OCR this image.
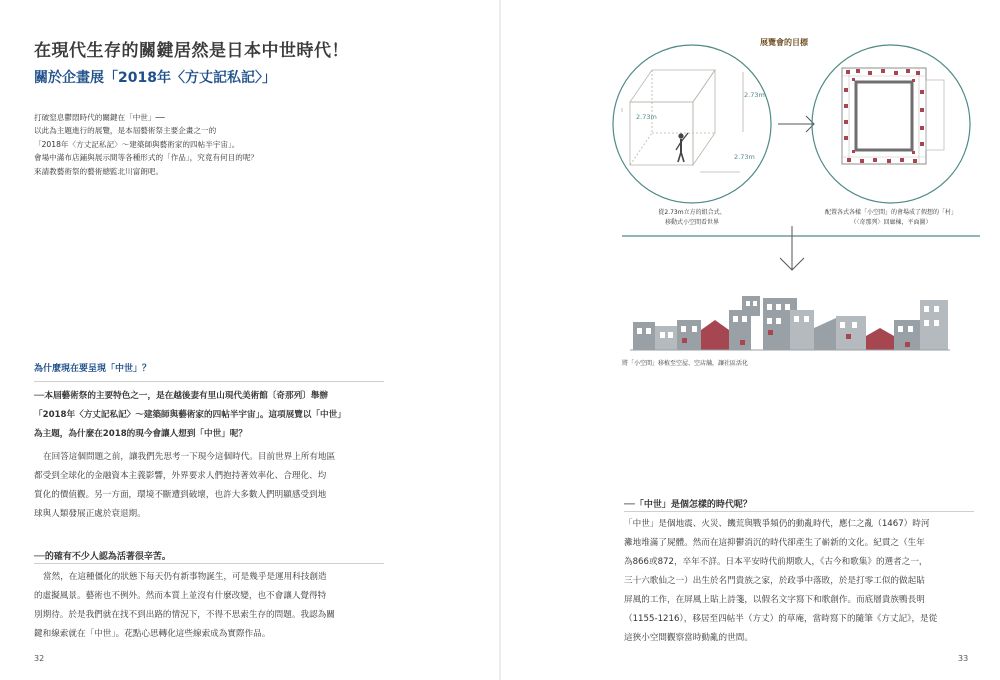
在現代生存的關鍵居然是日本中世時代！
關於企畫展「2018年〈方丈記私記〉」
打破窒息鬱悶時代的關鍵在「中世」──
以此為主題進行的展覽，是本屆藝術祭主要企畫之一的
「2018年〈方丈記私記〉～建築師與藝術家的四帖半宇宙」。
會場中滿布店鋪與展示間等各種形式的「作品」，究竟有何目的呢？
來請教藝術祭的藝術總監北川富朗吧。
為什麼現在要呈現「中世」？
──本屆藝術祭的主要特色之一，是在越後妻有里山現代美術館〔奇那列〕舉辦
「2018年〈方丈記私記〉～建築師與藝術家的四帖半宇宙」。這項展覽以「中世」
為主題，為什麼在2018的現今會讓人想到「中世」呢？
在回答這個問題之前，讓我們先思考一下現今這個時代。目前世界上所有地區
都受到全球化的金融資本主義影響，外界要求人們抱持著效率化、合理化、均
質化的價值觀。另一方面，環境不斷遭到破壞，也許大多數人們明顯感受到地
球與人類發展正處於衰退期。
──的確有不少人認為活著很辛苦。
當然，在這種僵化的狀態下每天仍有新事物誕生，可是幾乎是運用科技創造
的虛擬風景。藝術也不例外。然而本質上並沒有什麼改變，也不會讓人覺得特
別期待。於是我們就在找不到出路的情況下，不得不思索生存的問題。我認為關
鍵和線索就在「中世」。花點心思轉化這些線索成為實際作品。
32
展覽會的目標
2.73m
2.73m
2.73m
從2.73m立方的組合式、
移動式小空間看世界
配置各式各樣「小空間」的會場成了假想的「村」
（〈奇那列〉回廊棟，平面圖）
將「小空間」移植至空屋、空店舖，讓社區活化
──「中世」是個怎樣的時代呢？
「中世」是個地震、火災、饑荒與戰爭頻仍的動亂時代，應仁之亂（1467）時河
灘地堆滿了屍體。然而在這抑鬱消沉的時代卻產生了嶄新的文化。紀貫之（生年
為866或872，卒年不詳。日本平安時代前期歌人，《古今和歌集》的選者之一，
三十六歌仙之一）出生於名門貴族之家，於政爭中落敗，於是打零工似的做起貼
屏風的工作，在屏風上貼上詩箋，以假名文字寫下和歌創作。而底層貴族鴨長明
（1155-1216），移居至四帖半（方丈）的草庵，當時寫下的隨筆《方丈記》，是從
這狹小空間觀察當時動亂的世間。
33
